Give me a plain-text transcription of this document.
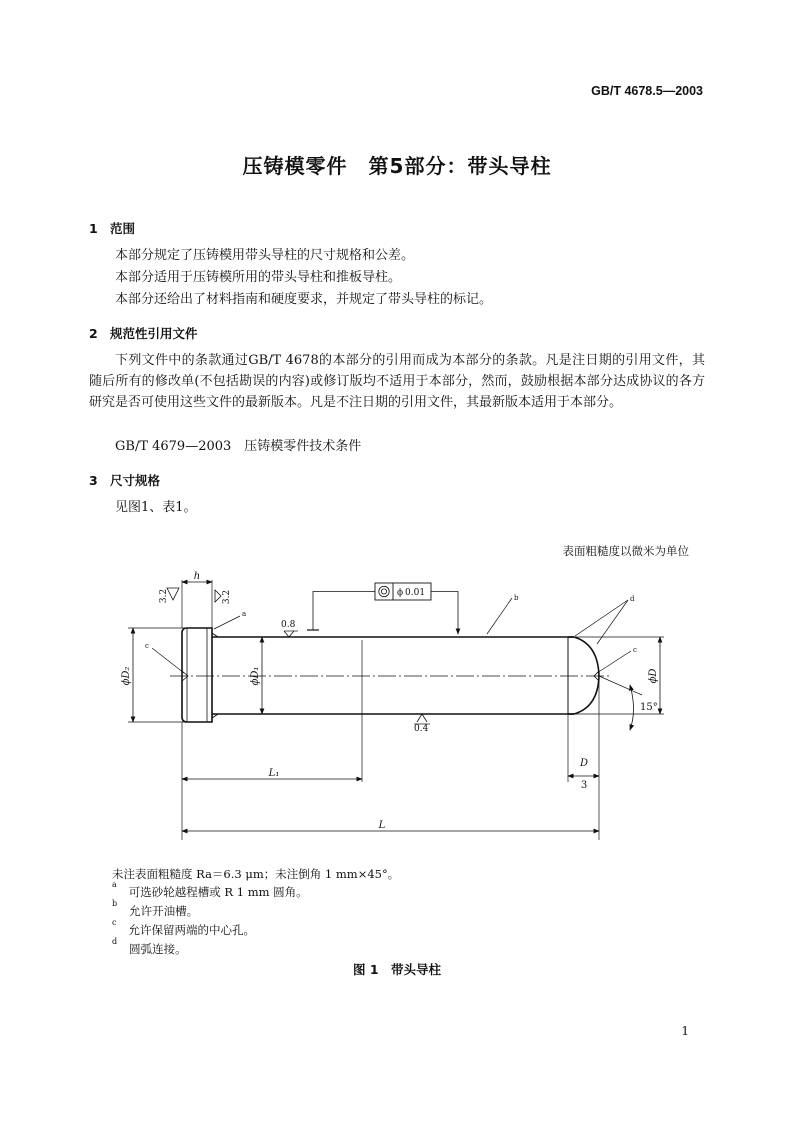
GB/T 4678.5—2003
压铸模零件　第5部分：带头导柱
1 范围
本部分规定了压铸模用带头导柱的尺寸规格和公差。
本部分适用于压铸模所用的带头导柱和推板导柱。
本部分还给出了材料指南和硬度要求，并规定了带头导柱的标记。
2 规范性引用文件
下列文件中的条款通过GB/T 4678的本部分的引用而成为本部分的条款。凡是注日期的引用文件，其随后所有的修改单(不包括勘误的内容)或修订版均不适用于本部分，然而，鼓励根据本部分达成协议的各方研究是否可使用这些文件的最新版本。凡是不注日期的引用文件，其最新版本适用于本部分。
GB/T 4679—2003　压铸模零件技术条件
3 尺寸规格
见图1、表1。
表面粗糙度以微米为单位
h
ϕD₂	ϕD₁	ϕD
L₁
L
D
3
15°
3.2	3.2
0.8
0.4
ϕ 0.01
a
b
c	c
d
未注表面粗糙度 Ra＝6.3 μm；未注倒角 1 mm×45°。
$^a$可选砂轮越程槽或 R 1 mm 圆角。
$^b$允许开油槽。
$^c$允许保留两端的中心孔。
$^d$圆弧连接。
图 1　带头导柱
1
